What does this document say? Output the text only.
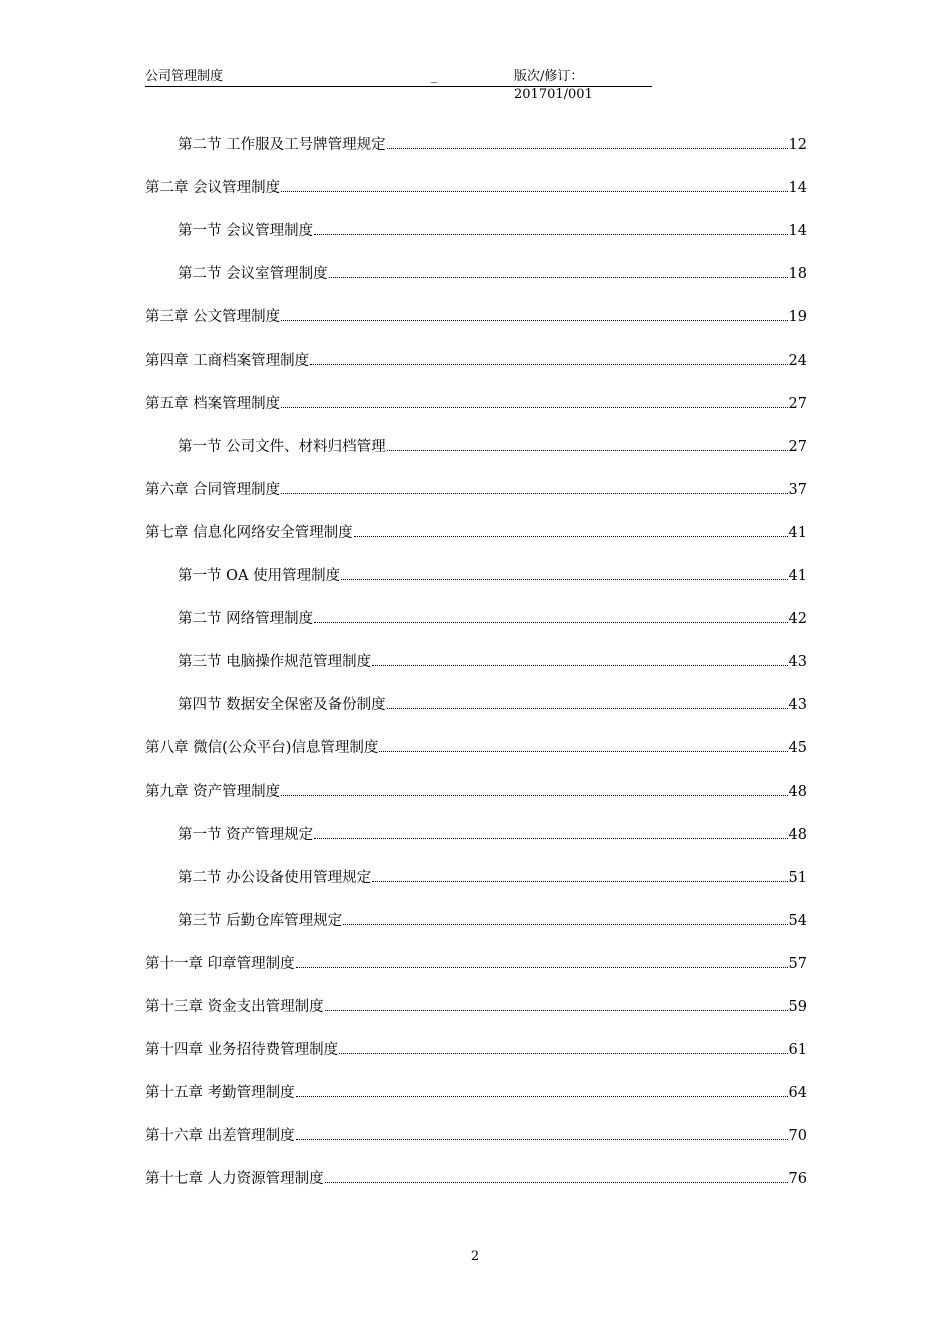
公司管理制度	_	版次/修订：201701/001
第二节 工作服及工号牌管理规定	12
第二章 会议管理制度	14
第一节 会议管理制度	14
第二节 会议室管理制度	18
第三章 公文管理制度	19
第四章 工商档案管理制度	24
第五章 档案管理制度	27
第一节 公司文件、材料归档管理	27
第六章 合同管理制度	37
第七章 信息化网络安全管理制度	41
第一节 OA 使用管理制度	41
第二节 网络管理制度	42
第三节 电脑操作规范管理制度	43
第四节 数据安全保密及备份制度	43
第八章 微信(公众平台)信息管理制度	45
第九章 资产管理制度	48
第一节 资产管理规定	48
第二节 办公设备使用管理规定	51
第三节 后勤仓库管理规定	54
第十一章 印章管理制度	57
第十三章 资金支出管理制度	59
第十四章 业务招待费管理制度	61
第十五章 考勤管理制度	64
第十六章 出差管理制度	70
第十七章 人力资源管理制度	76
2
